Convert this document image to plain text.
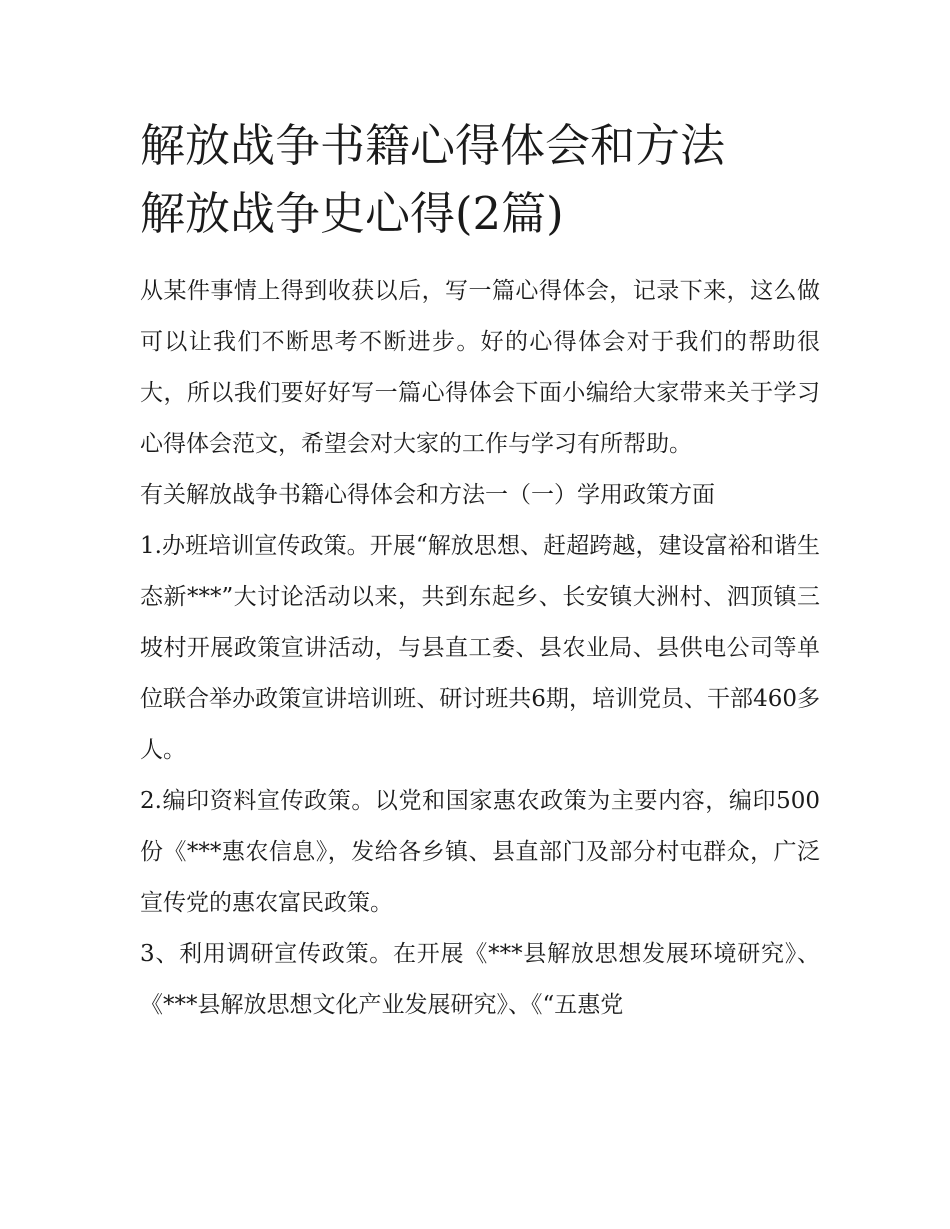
解放战争书籍心得体会和方法
解放战争史心得(2篇)

从某件事情上得到收获以后，写一篇心得体会，记录下来，这么做可以让我们不断思考不断进步。好的心得体会对于我们的帮助很大，所以我们要好好写一篇心得体会下面小编给大家带来关于学习心得体会范文，希望会对大家的工作与学习有所帮助。

有关解放战争书籍心得体会和方法一（一）学用政策方面

1.办班培训宣传政策。开展“解放思想、赶超跨越，建设富裕和谐生态新***”大讨论活动以来，共到东起乡、长安镇大洲村、泗顶镇三坡村开展政策宣讲活动，与县直工委、县农业局、县供电公司等单位联合举办政策宣讲培训班、研讨班共6期，培训党员、干部460多人。

2.编印资料宣传政策。以党和国家惠农政策为主要内容，编印500份《***惠农信息》，发给各乡镇、县直部门及部分村屯群众，广泛宣传党的惠农富民政策。

3、利用调研宣传政策。在开展《***县解放思想发展环境研究》、《***县解放思想文化产业发展研究》、《“五惠党
